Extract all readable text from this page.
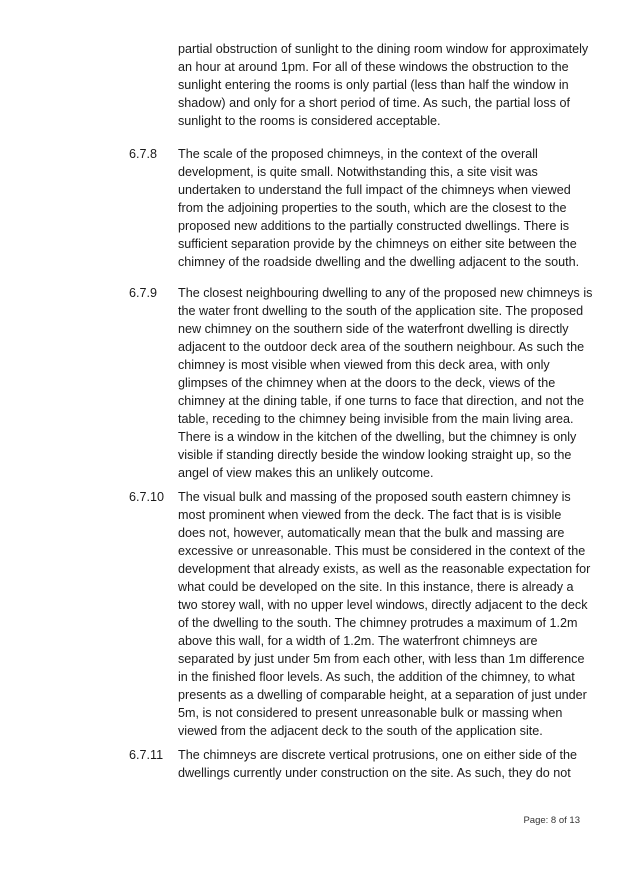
partial obstruction of sunlight to the dining room window for approximately
an hour at around 1pm. For all of these windows the obstruction to the
sunlight entering the rooms is only partial (less than half the window in
shadow) and only for a short period of time. As such, the partial loss of
sunlight to the rooms is considered acceptable.
6.7.8 The scale of the proposed chimneys, in the context of the overall
development, is quite small. Notwithstanding this, a site visit was
undertaken to understand the full impact of the chimneys when viewed
from the adjoining properties to the south, which are the closest to the
proposed new additions to the partially constructed dwellings. There is
sufficient separation provide by the chimneys on either site between the
chimney of the roadside dwelling and the dwelling adjacent to the south.
6.7.9 The closest neighbouring dwelling to any of the proposed new chimneys is
the water front dwelling to the south of the application site. The proposed
new chimney on the southern side of the waterfront dwelling is directly
adjacent to the outdoor deck area of the southern neighbour. As such the
chimney is most visible when viewed from this deck area, with only
glimpses of the chimney when at the doors to the deck, views of the
chimney at the dining table, if one turns to face that direction, and not the
table, receding to the chimney being invisible from the main living area.
There is a window in the kitchen of the dwelling, but the chimney is only
visible if standing directly beside the window looking straight up, so the
angel of view makes this an unlikely outcome.
6.7.10 The visual bulk and massing of the proposed south eastern chimney is
most prominent when viewed from the deck. The fact that is is visible
does not, however, automatically mean that the bulk and massing are
excessive or unreasonable. This must be considered in the context of the
development that already exists, as well as the reasonable expectation for
what could be developed on the site. In this instance, there is already a
two storey wall, with no upper level windows, directly adjacent to the deck
of the dwelling to the south. The chimney protrudes a maximum of 1.2m
above this wall, for a width of 1.2m. The waterfront chimneys are
separated by just under 5m from each other, with less than 1m difference
in the finished floor levels. As such, the addition of the chimney, to what
presents as a dwelling of comparable height, at a separation of just under
5m, is not considered to present unreasonable bulk or massing when
viewed from the adjacent deck to the south of the application site.
6.7.11 The chimneys are discrete vertical protrusions, one on either side of the
dwellings currently under construction on the site. As such, they do not
Page: 8 of 13
